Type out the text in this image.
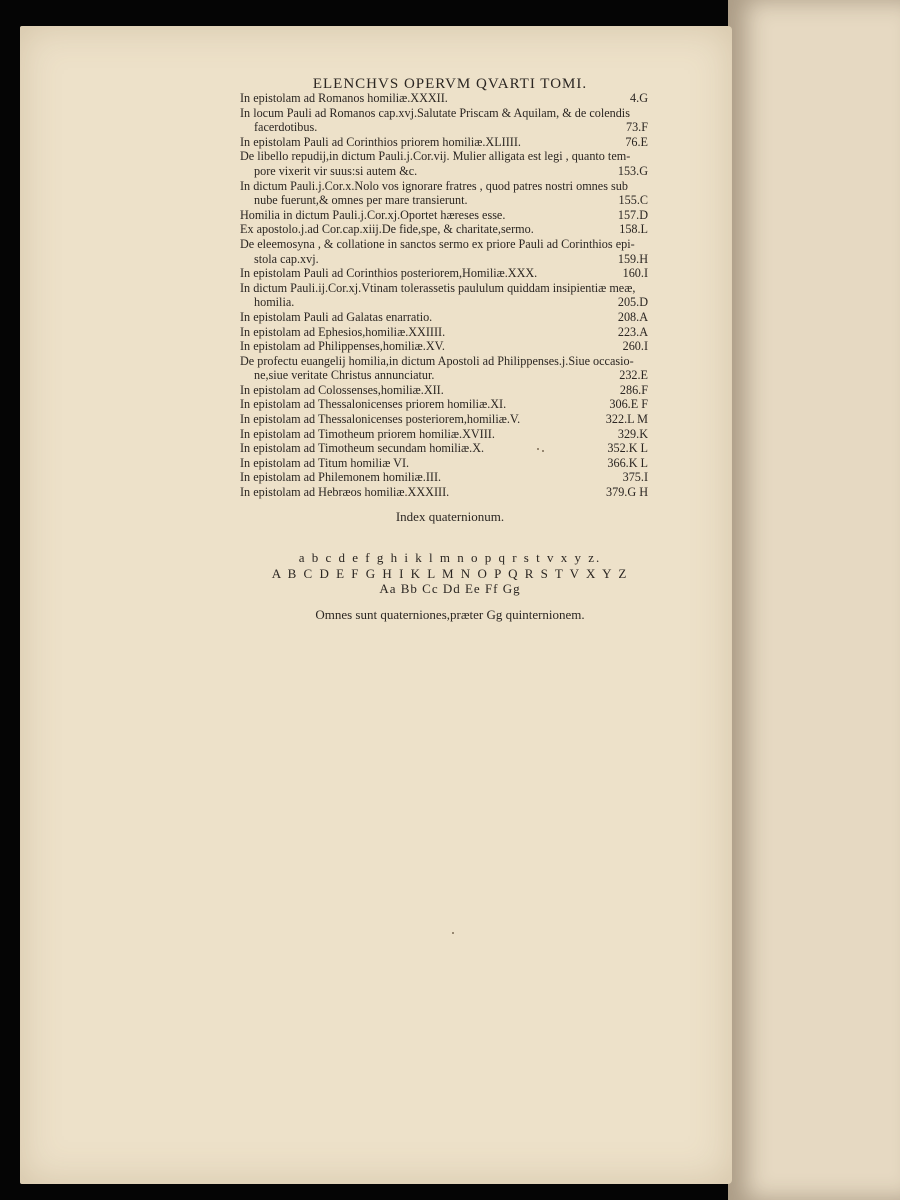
ELENCHVS OPERVM QVARTI TOMI.
In epistolam ad Romanos homiliæ.XXXII.	4.G
In locum Pauli ad Romanos cap.xvj.Salutate Priscam & Aquilam, & de colendis
facerdotibus.	73.F
In epistolam Pauli ad Corinthios priorem homiliæ.XLIIII.	76.E
De libello repudij,in dictum Pauli.j.Cor.vij. Mulier alligata est legi , quanto tem-
pore vixerit vir suus:si autem &c.	153.G
In dictum Pauli.j.Cor.x.Nolo vos ignorare fratres , quod patres nostri omnes sub
nube fuerunt,& omnes per mare transierunt.	155.C
Homilia in dictum Pauli.j.Cor.xj.Oportet hæreses esse.	157.D
Ex apostolo.j.ad Cor.cap.xiij.De fide,spe, & charitate,sermo.	158.L
De eleemosyna , & collatione in sanctos sermo ex priore Pauli ad Corinthios epi-
stola cap.xvj.	159.H
In epistolam Pauli ad Corinthios posteriorem,Homiliæ.XXX.	160.I
In dictum Pauli.ij.Cor.xj.Vtinam tolerassetis paululum quiddam insipientiæ meæ,
homilia.	205.D
In epistolam Pauli ad Galatas enarratio.	208.A
In epistolam ad Ephesios,homiliæ.XXIIII.	223.A
In epistolam ad Philippenses,homiliæ.XV.	260.I
De profectu euangelij homilia,in dictum Apostoli ad Philippenses.j.Siue occasio-
ne,siue veritate Christus annunciatur.	232.E
In epistolam ad Colossenses,homiliæ.XII.	286.F
In epistolam ad Thessalonicenses priorem homiliæ.XI.	306.E F
In epistolam ad Thessalonicenses posteriorem,homiliæ.V.	322.L M
In epistolam ad Timotheum priorem homiliæ.XVIII.	329.K
In epistolam ad Timotheum secundam homiliæ.X.	352.K L
In epistolam ad Titum homiliæ VI.	366.K L
In epistolam ad Philemonem homiliæ.III.	375.I
In epistolam ad Hebræos homiliæ.XXXIII.	379.G H
Index quaternionum.
a b c d e f g h i k l m n o p q r s t v x y z.
A B C D E F G H I K L M N O P Q R S T V X Y Z
Aa Bb Cc Dd Ee Ff Gg
Omnes sunt quaterniones,præter Gg quinternionem.
